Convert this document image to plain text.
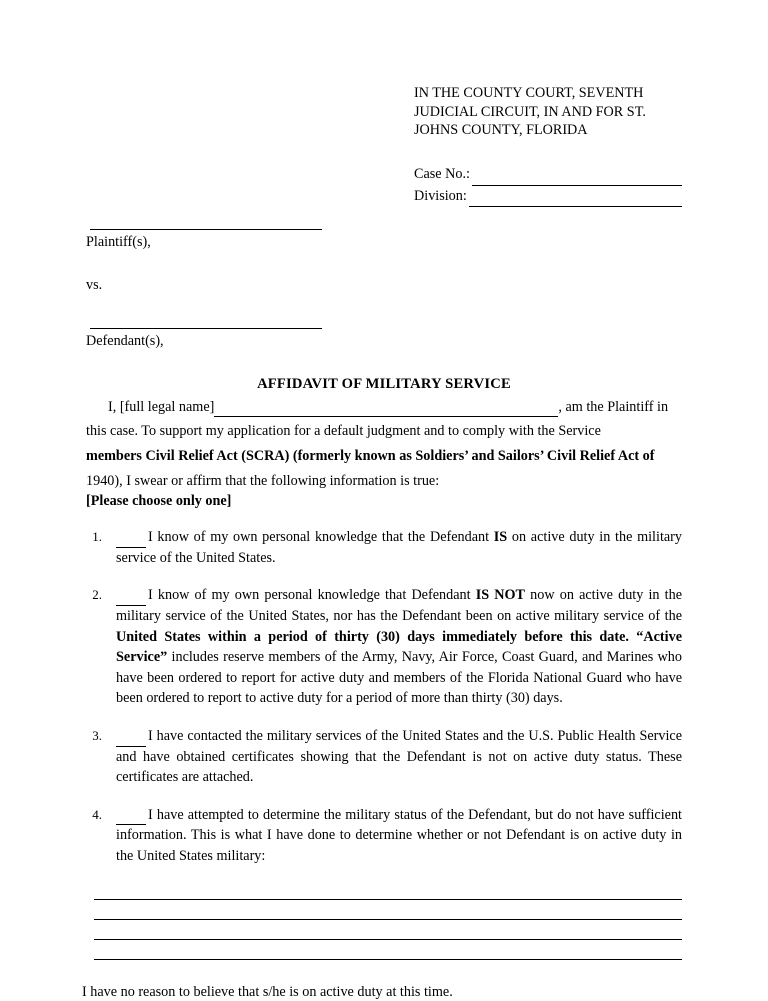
IN THE COUNTY COURT, SEVENTH
JUDICIAL CIRCUIT, IN AND FOR ST.
JOHNS COUNTY, FLORIDA
Case No.:
Division:
Plaintiff(s),
vs.
Defendant(s),
AFFIDAVIT OF MILITARY SERVICE
I, [full legal name]	, am the Plaintiff in
this case. To support my application for a default judgment and to comply with the Service
members Civil Relief Act (SCRA) (formerly known as Soldiers’ and Sailors’ Civil Relief Act of
1940), I swear or affirm that the following information is true:
[Please choose only one]
1.	I know of my own personal knowledge that the Defendant IS on active duty in the military service of the United States.
2.	I know of my own personal knowledge that Defendant IS NOT now on active duty in the military service of the United States, nor has the Defendant been on active military service of the United States within a period of thirty (30) days immediately before this date. “Active Service” includes reserve members of the Army, Navy, Air Force, Coast Guard, and Marines who have been ordered to report for active duty and members of the Florida National Guard who have been ordered to report to active duty for a period of more than thirty (30) days.
3.	I have contacted the military services of the United States and the U.S. Public Health Service and have obtained certificates showing that the Defendant is not on active duty status. These certificates are attached.
4.	I have attempted to determine the military status of the Defendant, but do not have sufficient information. This is what I have done to determine whether or not Defendant is on active duty in the United States military:
I have no reason to believe that s/he is on active duty at this time.
